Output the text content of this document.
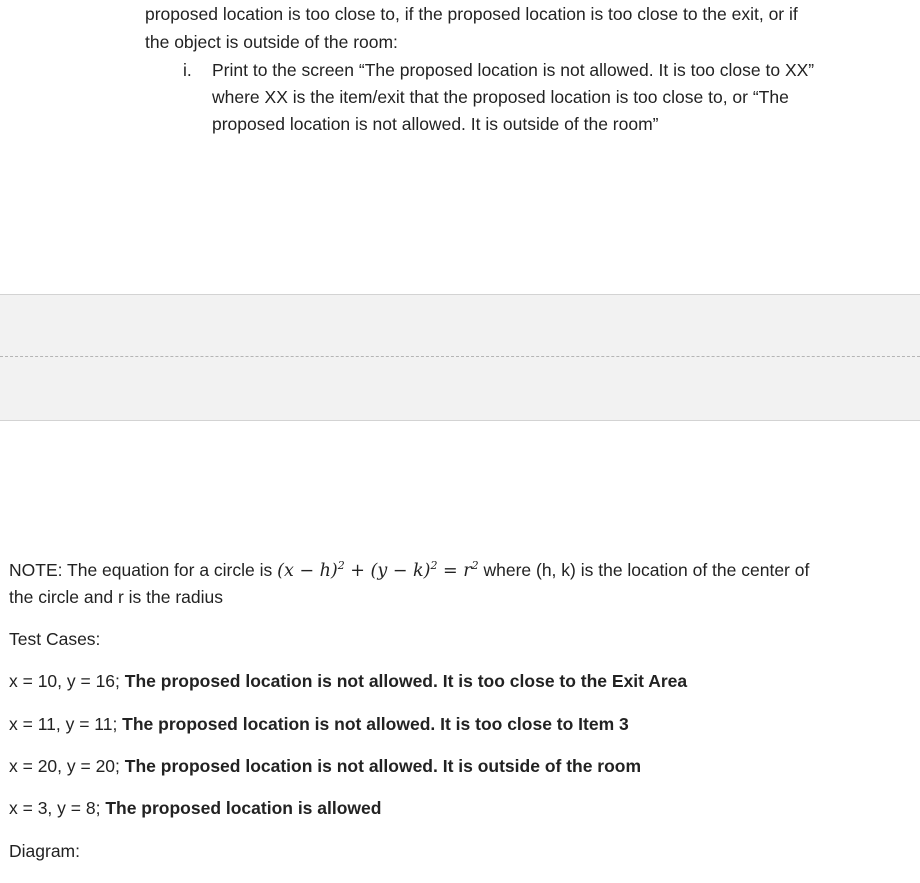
proposed location is too close to, if the proposed location is too close to the exit, or if
the object is outside of the room:
i.	Print to the screen “The proposed location is not allowed. It is too close to XX”
where XX is the item/exit that the proposed location is too close to, or “The
proposed location is not allowed. It is outside of the room”
NOTE: The equation for a circle is $(x - h)^2 + (y - k)^2 = r^2$ where (h, k) is the location of the center of
the circle and r is the radius
Test Cases:
x = 10, y = 16; The proposed location is not allowed. It is too close to the Exit Area
x = 11, y = 11; The proposed location is not allowed. It is too close to Item 3
x = 20, y = 20; The proposed location is not allowed. It is outside of the room
x = 3, y = 8; The proposed location is allowed
Diagram:
